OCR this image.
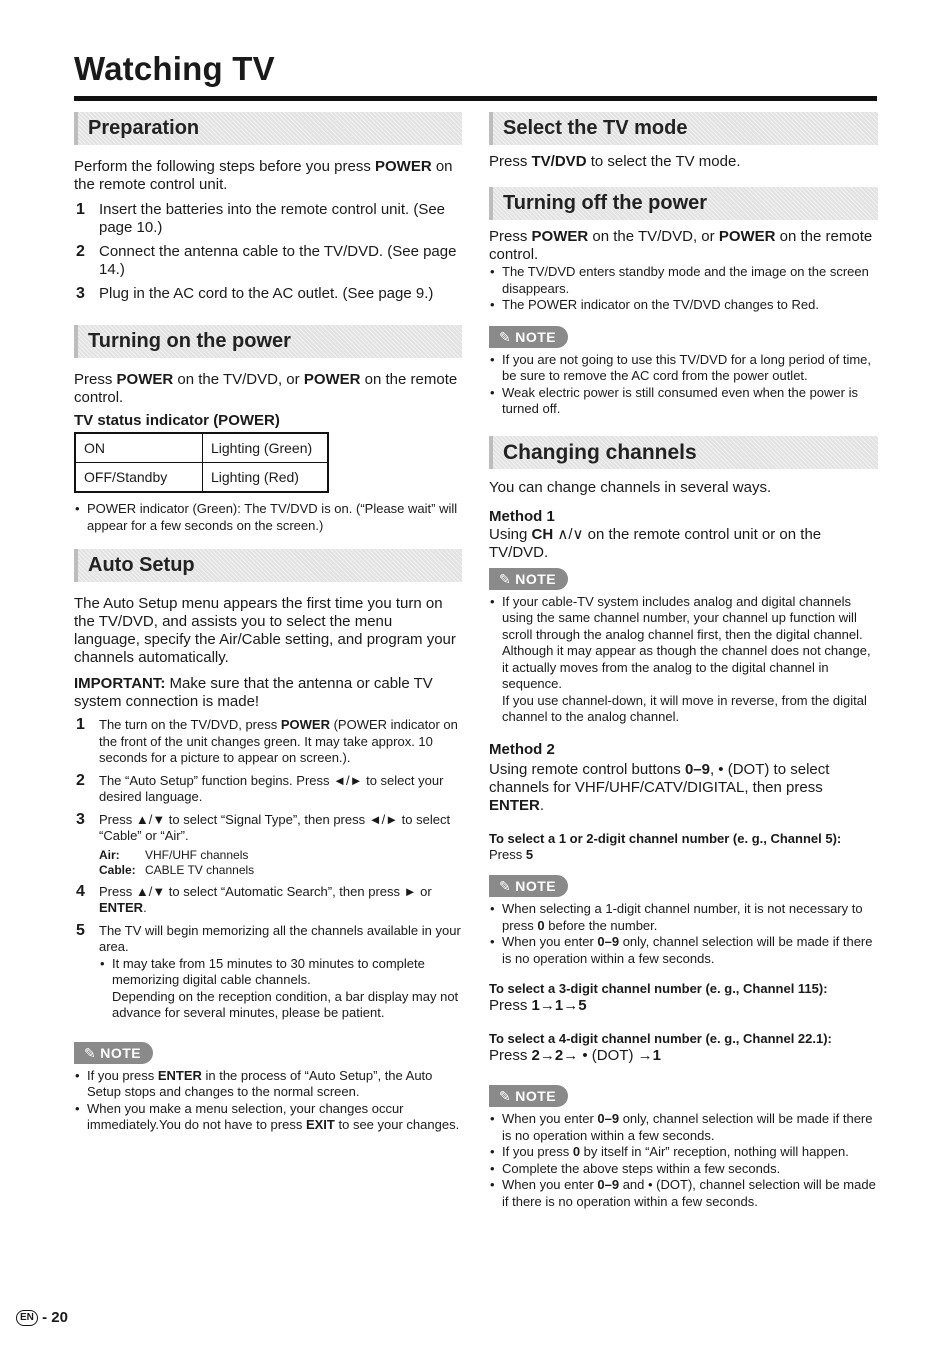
Watching TV
Preparation

Perform the following steps before you press POWER on the remote control unit.

1 Insert the batteries into the remote control unit. (See page 10.)
2 Connect the antenna cable to the TV/DVD. (See page 14.)
3 Plug in the AC cord to the AC outlet. (See page 9.)
Turning on the power

Press POWER on the TV/DVD, or POWER on the remote control.

TV status indicator (POWER)

ON	Lighting (Green)
OFF/Standby	Lighting (Red)
• POWER indicator (Green): The TV/DVD is on. (“Please wait” will appear for a few seconds on the screen.)
Auto Setup

The Auto Setup menu appears the first time you turn on the TV/DVD, and assists you to select the menu language, specify the Air/Cable setting, and program your channels automatically.

IMPORTANT: Make sure that the antenna or cable TV system connection is made!

1 The turn on the TV/DVD, press POWER (POWER indicator on the front of the unit changes green. It may take approx. 10 seconds for a picture to appear on screen.).
2 The “Auto Setup” function begins. Press ◄/► to select your desired language.
3 Press ▲/▼ to select “Signal Type”, then press ◄/► to select “Cable” or “Air”.
Air: VHF/UHF channels
Cable: CABLE TV channels
4 Press ▲/▼ to select “Automatic Search”, then press ► or ENTER.
5 The TV will begin memorizing all the channels available in your area.
• It may take from 15 minutes to 30 minutes to complete memorizing digital cable channels.
Depending on the reception condition, a bar display may not advance for several minutes, please be patient.
✎ NOTE
• If you press ENTER in the process of “Auto Setup”, the Auto Setup stops and changes to the normal screen.
• When you make a menu selection, your changes occur immediately.You do not have to press EXIT to see your changes.
Select the TV mode

Press TV/DVD to select the TV mode.

Turning off the power

Press POWER on the TV/DVD, or POWER on the remote control.

• The TV/DVD enters standby mode and the image on the screen disappears.
• The POWER indicator on the TV/DVD changes to Red.
✎ NOTE
• If you are not going to use this TV/DVD for a long period of time, be sure to remove the AC cord from the power outlet.
• Weak electric power is still consumed even when the power is turned off.
Changing channels

You can change channels in several ways.

Method 1

Using CH ∧/∨ on the remote control unit or on the TV/DVD.

✎ NOTE
• If your cable-TV system includes analog and digital channels using the same channel number, your channel up function will scroll through the analog channel first, then the digital channel. Although it may appear as though the channel does not change, it actually moves from the analog to the digital channel in sequence.
If you use channel-down, it will move in reverse, from the digital channel to the analog channel.

Method 2

Using remote control buttons 0–9, • (DOT) to select channels for VHF/UHF/CATV/DIGITAL, then press ENTER.

To select a 1 or 2-digit channel number (e. g., Channel 5):

Press 5

✎ NOTE
• When selecting a 1-digit channel number, it is not necessary to press 0 before the number.
• When you enter 0–9 only, channel selection will be made if there is no operation within a few seconds.

To select a 3-digit channel number (e. g., Channel 115):

Press 1→1→5

To select a 4-digit channel number (e. g., Channel 22.1):

Press 2→2→ • (DOT) →1

✎ NOTE
• When you enter 0–9 only, channel selection will be made if there is no operation within a few seconds.
• If you press 0 by itself in “Air” reception, nothing will happen.
• Complete the above steps within a few seconds.
• When you enter 0–9 and • (DOT), channel selection will be made if there is no operation within a few seconds.
EN - 20
